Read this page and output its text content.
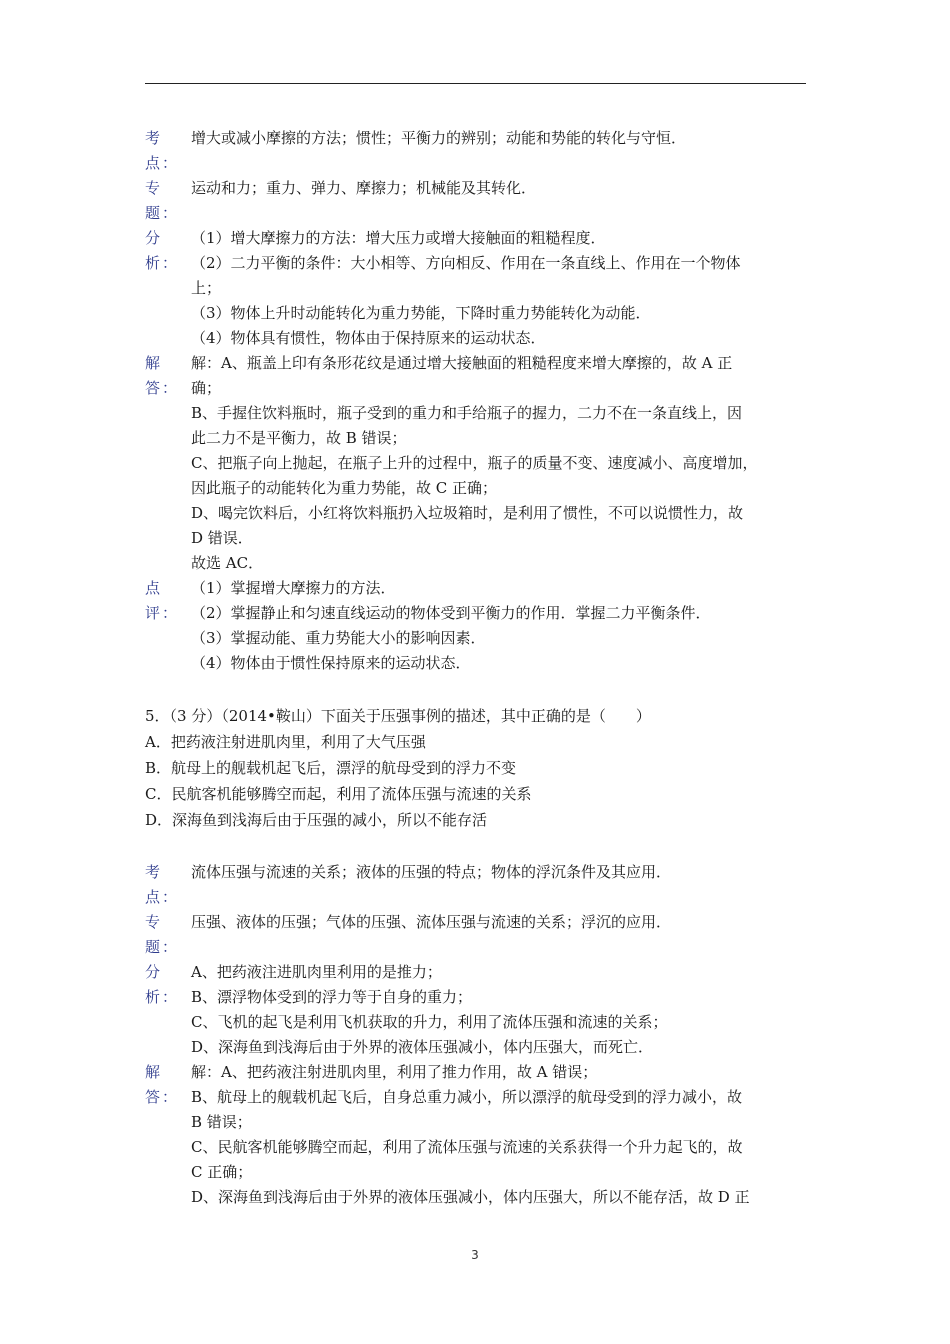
考
点：

增大或减小摩擦的方法；惯性；平衡力的辨别；动能和势能的转化与守恒．

专
题：

运动和力；重力、弹力、摩擦力；机械能及其转化．

分
析：

（1）增大摩擦力的方法：增大压力或增大接触面的粗糙程度．

（2）二力平衡的条件：大小相等、方向相反、作用在一条直线上、作用在一个物体

上；

（3）物体上升时动能转化为重力势能，下降时重力势能转化为动能．

（4）物体具有惯性，物体由于保持原来的运动状态．

解
答：

解：A、瓶盖上印有条形花纹是通过增大接触面的粗糙程度来增大摩擦的，故 A 正

确；

B、手握住饮料瓶时，瓶子受到的重力和手给瓶子的握力，二力不在一条直线上，因

此二力不是平衡力，故 B 错误；

C、把瓶子向上抛起，在瓶子上升的过程中，瓶子的质量不变、速度减小、高度增加，

因此瓶子的动能转化为重力势能，故 C 正确；

D、喝完饮料后，小红将饮料瓶扔入垃圾箱时，是利用了惯性，不可以说惯性力，故

D 错误．

故选 AC．

点
评：

（1）掌握增大摩擦力的方法．

（2）掌握静止和匀速直线运动的物体受到平衡力的作用．掌握二力平衡条件．

（3）掌握动能、重力势能大小的影响因素．

（4）物体由于惯性保持原来的运动状态．

5．（3 分）（2014•鞍山）下面关于压强事例的描述，其中正确的是（　　）

A．把药液注射进肌肉里，利用了大气压强

B．航母上的舰载机起飞后，漂浮的航母受到的浮力不变

C．民航客机能够腾空而起，利用了流体压强与流速的关系

D．深海鱼到浅海后由于压强的减小，所以不能存活

考
点：

流体压强与流速的关系；液体的压强的特点；物体的浮沉条件及其应用．

专
题：

压强、液体的压强；气体的压强、流体压强与流速的关系；浮沉的应用．

分
析：

A、把药液注进肌肉里利用的是推力；

B、漂浮物体受到的浮力等于自身的重力；

C、飞机的起飞是利用飞机获取的升力，利用了流体压强和流速的关系；

D、深海鱼到浅海后由于外界的液体压强减小，体内压强大，而死亡．

解
答：

解：A、把药液注射进肌肉里，利用了推力作用，故 A 错误；

B、航母上的舰载机起飞后，自身总重力减小，所以漂浮的航母受到的浮力减小，故

B 错误；

C、民航客机能够腾空而起，利用了流体压强与流速的关系获得一个升力起飞的，故

C 正确；

D、深海鱼到浅海后由于外界的液体压强减小，体内压强大，所以不能存活，故 D 正

3
